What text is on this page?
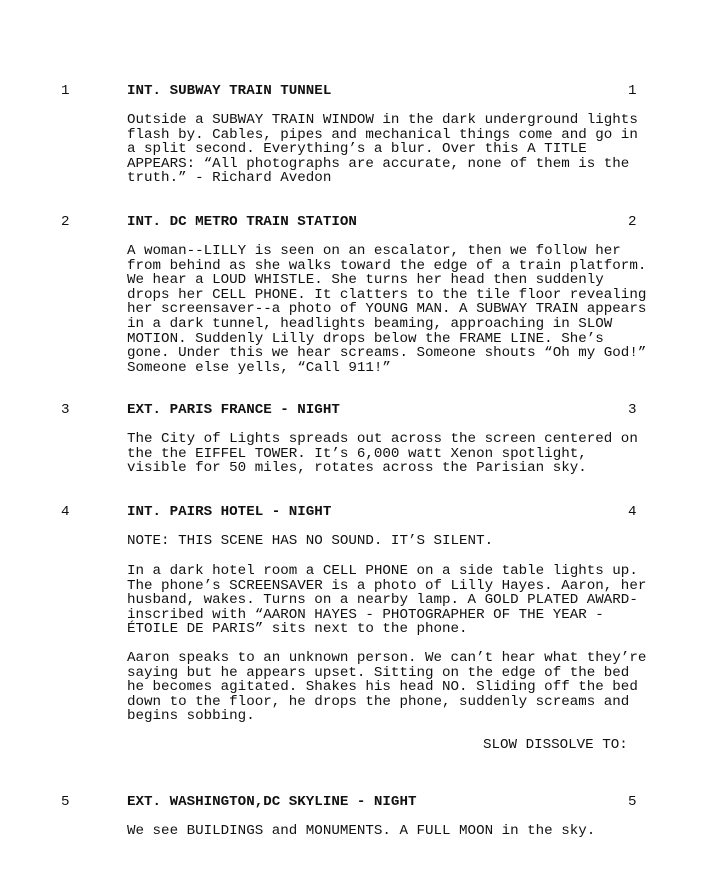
1	INT. SUBWAY TRAIN TUNNEL	1
Outside a SUBWAY TRAIN WINDOW in the dark underground lights
flash by. Cables, pipes and mechanical things come and go in
a split second. Everything’s a blur. Over this A TITLE
APPEARS: “All photographs are accurate, none of them is the
truth.” - Richard Avedon
2	INT. DC METRO TRAIN STATION	2
A woman--LILLY is seen on an escalator, then we follow her
from behind as she walks toward the edge of a train platform.
We hear a LOUD WHISTLE. She turns her head then suddenly
drops her CELL PHONE. It clatters to the tile floor revealing
her screensaver--a photo of YOUNG MAN. A SUBWAY TRAIN appears
in a dark tunnel, headlights beaming, approaching in SLOW
MOTION. Suddenly Lilly drops below the FRAME LINE. She’s
gone. Under this we hear screams. Someone shouts “Oh my God!”
Someone else yells, “Call 911!”
3	EXT. PARIS FRANCE - NIGHT	3
The City of Lights spreads out across the screen centered on
the the EIFFEL TOWER. It’s 6,000 watt Xenon spotlight,
visible for 50 miles, rotates across the Parisian sky.
4	INT. PAIRS HOTEL - NIGHT	4
NOTE: THIS SCENE HAS NO SOUND. IT’S SILENT.
In a dark hotel room a CELL PHONE on a side table lights up.
The phone’s SCREENSAVER is a photo of Lilly Hayes. Aaron, her
husband, wakes. Turns on a nearby lamp. A GOLD PLATED AWARD-
inscribed with “AARON HAYES - PHOTOGRAPHER OF THE YEAR -
ÉTOILE DE PARIS” sits next to the phone.
Aaron speaks to an unknown person. We can’t hear what they’re
saying but he appears upset. Sitting on the edge of the bed
he becomes agitated. Shakes his head NO. Sliding off the bed
down to the floor, he drops the phone, suddenly screams and
begins sobbing.
SLOW DISSOLVE TO:
5	EXT. WASHINGTON,DC SKYLINE - NIGHT	5
We see BUILDINGS and MONUMENTS. A FULL MOON in the sky.
